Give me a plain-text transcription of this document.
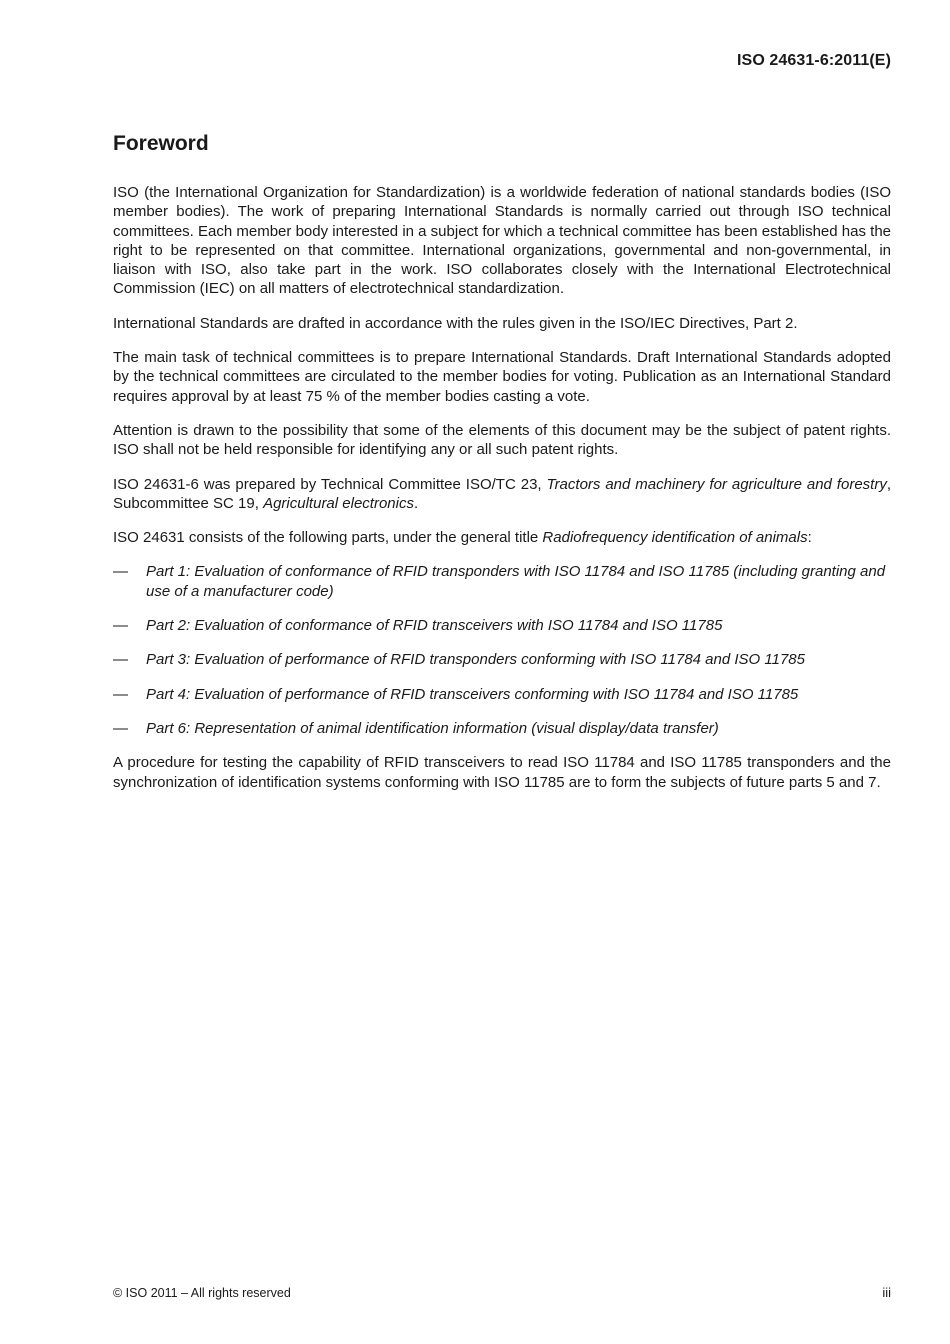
ISO 24631-6:2011(E)
Foreword

ISO (the International Organization for Standardization) is a worldwide federation of national standards bodies (ISO member bodies). The work of preparing International Standards is normally carried out through ISO technical committees. Each member body interested in a subject for which a technical committee has been established has the right to be represented on that committee. International organizations, governmental and non-governmental, in liaison with ISO, also take part in the work. ISO collaborates closely with the International Electrotechnical Commission (IEC) on all matters of electrotechnical standardization.

International Standards are drafted in accordance with the rules given in the ISO/IEC Directives, Part 2.

The main task of technical committees is to prepare International Standards. Draft International Standards adopted by the technical committees are circulated to the member bodies for voting. Publication as an International Standard requires approval by at least 75 % of the member bodies casting a vote.

Attention is drawn to the possibility that some of the elements of this document may be the subject of patent rights. ISO shall not be held responsible for identifying any or all such patent rights.

ISO 24631-6 was prepared by Technical Committee ISO/TC 23, Tractors and machinery for agriculture and forestry, Subcommittee SC 19, Agricultural electronics.

ISO 24631 consists of the following parts, under the general title Radiofrequency identification of animals:

— Part 1: Evaluation of conformance of RFID transponders with ISO 11784 and ISO 11785 (including granting and use of a manufacturer code)
— Part 2: Evaluation of conformance of RFID transceivers with ISO 11784 and ISO 11785
— Part 3: Evaluation of performance of RFID transponders conforming with ISO 11784 and ISO 11785
— Part 4: Evaluation of performance of RFID transceivers conforming with ISO 11784 and ISO 11785
— Part 6: Representation of animal identification information (visual display/data transfer)

A procedure for testing the capability of RFID transceivers to read ISO 11784 and ISO 11785 transponders and the synchronization of identification systems conforming with ISO 11785 are to form the subjects of future parts 5 and 7.

© ISO 2011 – All rights reserved	iii
